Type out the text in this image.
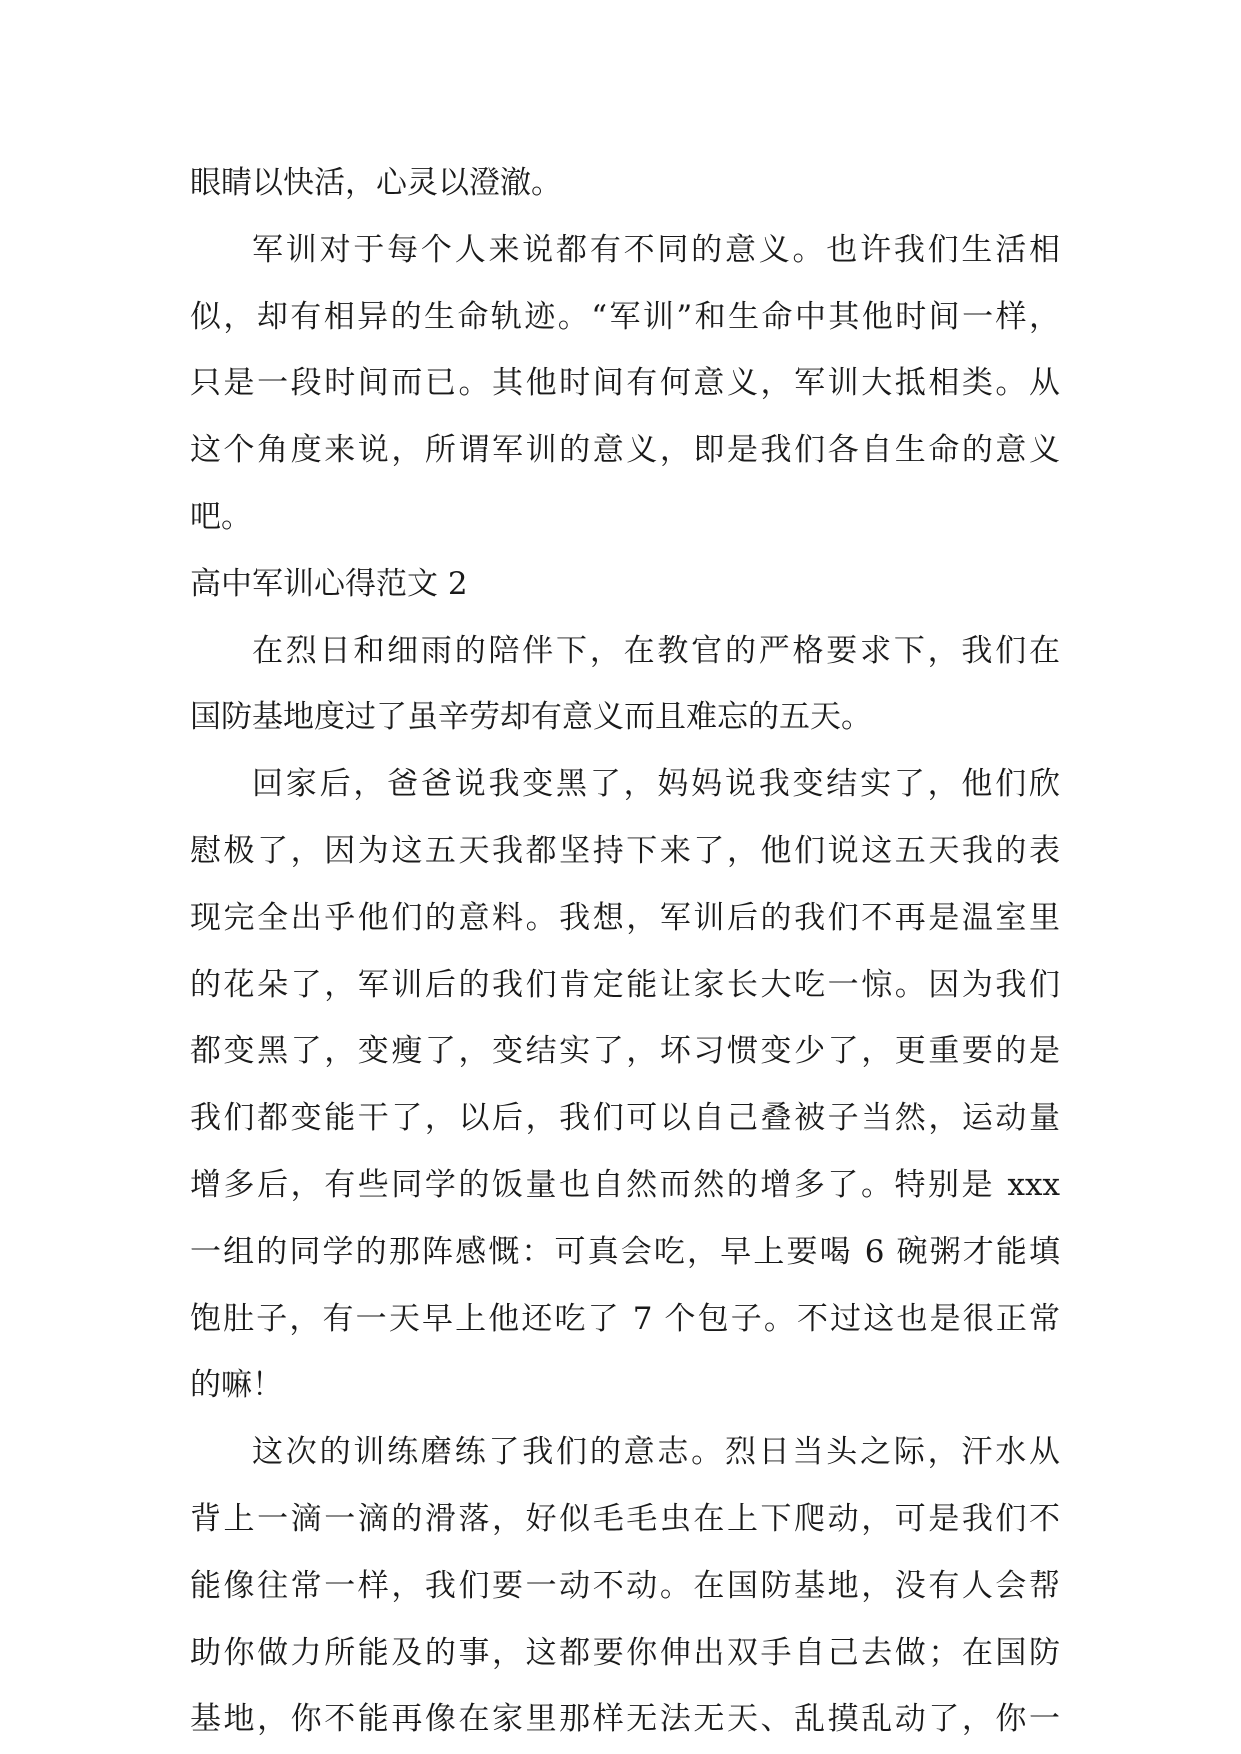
眼睛以快活，心灵以澄澈。
军训对于每个人来说都有不同的意义。也许我们生活相
似，却有相异的生命轨迹。“军训”和生命中其他时间一样，
只是一段时间而已。其他时间有何意义，军训大抵相类。从
这个角度来说，所谓军训的意义，即是我们各自生命的意义
吧。
高中军训心得范文 2
在烈日和细雨的陪伴下，在教官的严格要求下，我们在
国防基地度过了虽辛劳却有意义而且难忘的五天。
回家后，爸爸说我变黑了，妈妈说我变结实了，他们欣
慰极了，因为这五天我都坚持下来了，他们说这五天我的表
现完全出乎他们的意料。我想，军训后的我们不再是温室里
的花朵了，军训后的我们肯定能让家长大吃一惊。因为我们
都变黑了，变瘦了，变结实了，坏习惯变少了，更重要的是
我们都变能干了，以后，我们可以自己叠被子当然，运动量
增多后，有些同学的饭量也自然而然的增多了。特别是 xxx
一组的同学的那阵感慨：可真会吃，早上要喝 6 碗粥才能填
饱肚子，有一天早上他还吃了 7 个包子。不过这也是很正常
的嘛！
这次的训练磨练了我们的意志。烈日当头之际，汗水从
背上一滴一滴的滑落，好似毛毛虫在上下爬动，可是我们不
能像往常一样，我们要一动不动。在国防基地，没有人会帮
助你做力所能及的事，这都要你伸出双手自己去做；在国防
基地，你不能再像在家里那样无法无天、乱摸乱动了，你一
